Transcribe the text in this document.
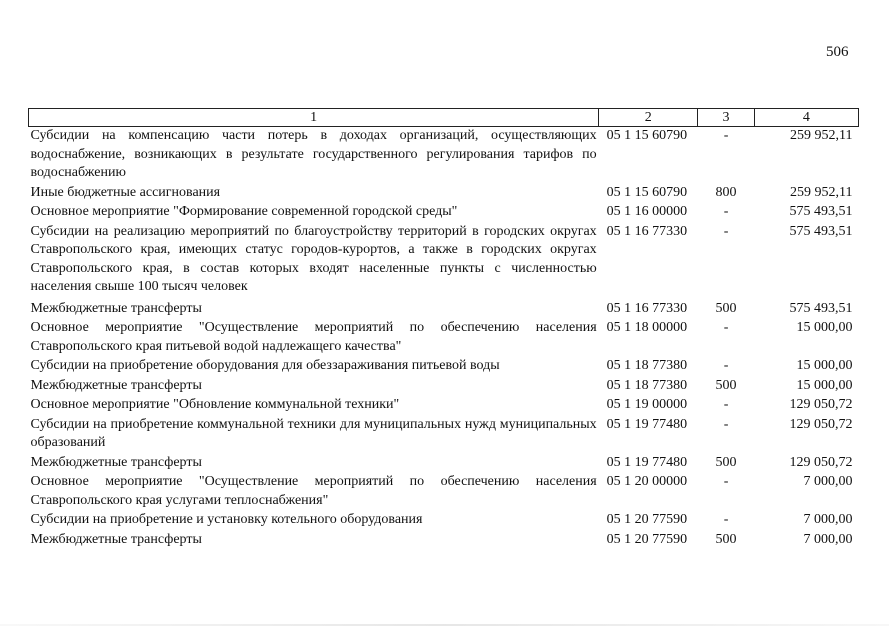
506
1	2	3	4
Субсидии на компенсацию части потерь в доходах организаций, осуществляющих водоснабжение, возникающих в результате государственного регулирования тарифов по водоснабжению	05 1 15 60790	-	259 952,11
Иные бюджетные ассигнования	05 1 15 60790	800	259 952,11
Основное мероприятие "Формирование современной городской среды"	05 1 16 00000	-	575 493,51
Субсидии на реализацию мероприятий по благоустройству территорий в городских округах Ставропольского края, имеющих статус городов-курортов, а также в городских округах Ставропольского края, в состав которых входят населенные пункты с численностью населения свыше 100 тысяч человек	05 1 16 77330	-	575 493,51
Межбюджетные трансферты	05 1 16 77330	500	575 493,51
Основное мероприятие "Осуществление мероприятий по обеспечению населения Ставропольского края питьевой водой надлежащего качества"	05 1 18 00000	-	15 000,00
Субсидии на приобретение оборудования для обеззараживания питьевой воды	05 1 18 77380	-	15 000,00
Межбюджетные трансферты	05 1 18 77380	500	15 000,00
Основное мероприятие "Обновление коммунальной техники"	05 1 19 00000	-	129 050,72
Субсидии на приобретение коммунальной техники для муниципальных нужд муниципальных образований	05 1 19 77480	-	129 050,72
Межбюджетные трансферты	05 1 19 77480	500	129 050,72
Основное мероприятие "Осуществление мероприятий по обеспечению населения Ставропольского края услугами теплоснабжения"	05 1 20 00000	-	7 000,00
Субсидии на приобретение и установку котельного оборудования	05 1 20 77590	-	7 000,00
Межбюджетные трансферты	05 1 20 77590	500	7 000,00
